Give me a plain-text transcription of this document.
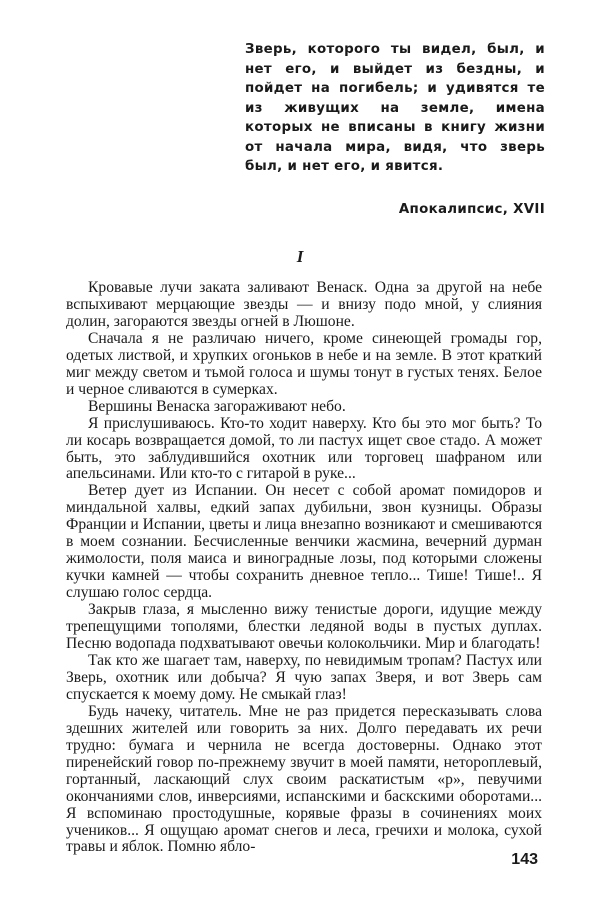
Зверь, которого ты видел, был, и нет его, и выйдет из бездны, и пойдет на погибель; и удивятся те из живущих на земле, имена которых не вписаны в книгу жизни от начала мира, видя, что зверь был, и нет его, и явится.
Апокалипсис, XVII
I

Кровавые лучи заката заливают Венаск. Одна за другой на небе вспыхивают мерцающие звезды — и внизу подо мной, у слияния долин, загораются звезды огней в Люшоне.

Сначала я не различаю ничего, кроме синеющей громады гор, одетых листвой, и хрупких огоньков в небе и на земле. В этот краткий миг между светом и тьмой голоса и шумы тонут в густых тенях. Белое и черное сливаются в сумерках.

Вершины Венаска загораживают небо.

Я прислушиваюсь. Кто-то ходит наверху. Кто бы это мог быть? То ли косарь возвращается домой, то ли пастух ищет свое стадо. А может быть, это заблудившийся охотник или торговец шафраном или апельсинами. Или кто-то с гитарой в руке...

Ветер дует из Испании. Он несет с собой аромат помидоров и миндальной халвы, едкий запах дубильни, звон кузницы. Образы Франции и Испании, цветы и лица внезапно возникают и смешиваются в моем сознании. Бесчисленные венчики жасмина, вечерний дурман жимолости, поля маиса и виноградные лозы, под которыми сложены кучки камней — чтобы сохранить дневное тепло... Тише! Тише!.. Я слушаю голос сердца.

Закрыв глаза, я мысленно вижу тенистые дороги, идущие между трепещущими тополями, блестки ледяной воды в пустых дуплах. Песню водопада подхватывают овечьи колокольчики. Мир и благодать!

Так кто же шагает там, наверху, по невидимым тропам? Пастух или Зверь, охотник или добыча? Я чую запах Зверя, и вот Зверь сам спускается к моему дому. Не смыкай глаз!

Будь начеку, читатель. Мне не раз придется пересказывать слова здешних жителей или говорить за них. Долго передавать их речи трудно: бумага и чернила не всегда достоверны. Однако этот пиренейский говор по-прежнему звучит в моей памяти, нетороплевый, гортанный, ласкающий слух своим раскатистым «р», певучими окончаниями слов, инверсиями, испанскими и баскскими оборотами... Я вспоминаю простодушные, корявые фразы в сочинениях моих учеников... Я ощущаю аромат снегов и леса, гречихи и молока, сухой травы и яблок. Помню ябло-

143
